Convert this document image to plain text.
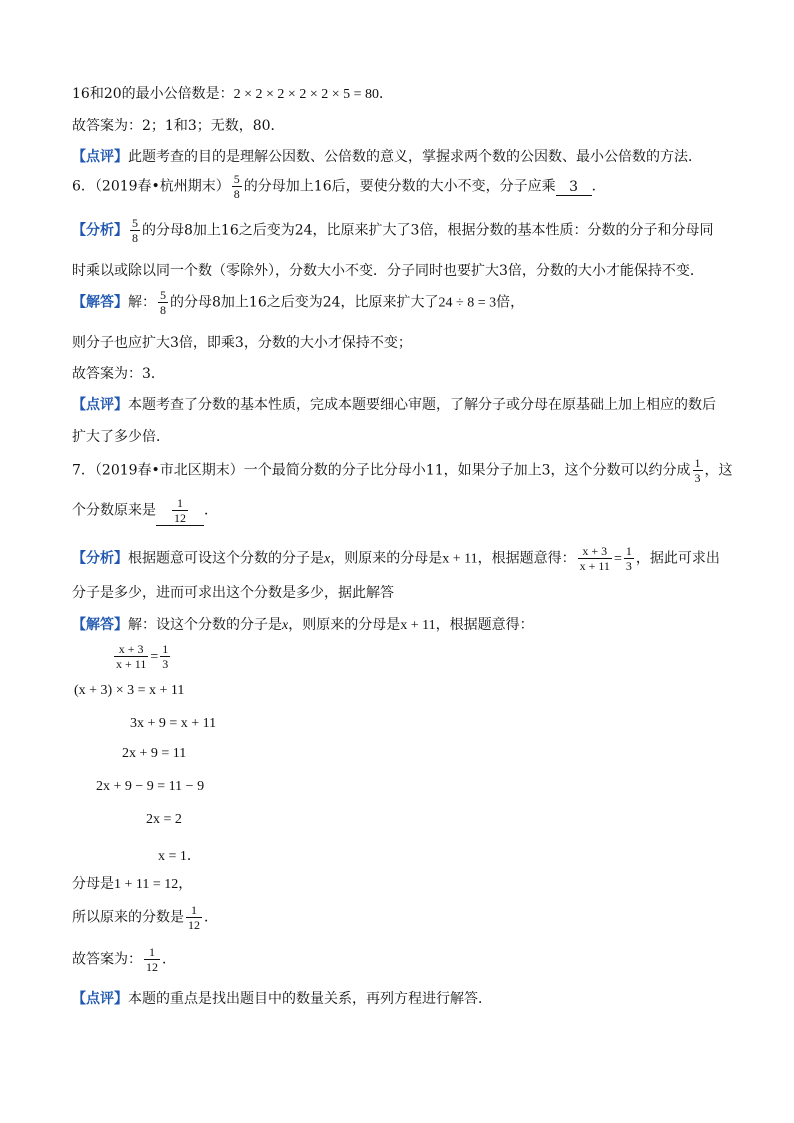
16和20的最小公倍数是：2 × 2 × 2 × 2 × 2 × 5 = 80．
故答案为：2；1和3；无数，80．
【点评】此题考查的目的是理解公因数、公倍数的意义，掌握求两个数的公因数、最小公倍数的方法．
6．（2019春•杭州期末） $\frac{5}{8}$ 的分母加上16后，要使分数的大小不变，分子应乘 3 ．
【分析】 $\frac{5}{8}$ 的分母8加上16之后变为24，比原来扩大了3倍，根据分数的基本性质：分数的分子和分母同
时乘以或除以同一个数（零除外），分数大小不变．分子同时也要扩大3倍，分数的大小才能保持不变．
【解答】解： $\frac{5}{8}$ 的分母8加上16之后变为24，比原来扩大了24 ÷ 8 = 3倍，
则分子也应扩大3倍，即乘3，分数的大小才保持不变；
故答案为：3．
【点评】本题考查了分数的基本性质，完成本题要细心审题，了解分子或分母在原基础上加上相应的数后
扩大了多少倍．
7．（2019春•市北区期末）一个最简分数的分子比分母小11，如果分子加上3，这个分数可以约分成 $\frac{1}{3}$ ，这
个分数原来是 $\frac{1}{12}$ ．
【分析】根据题意可设这个分数的分子是x，则原来的分母是x + 11，根据题意得： $\frac{x + 3}{x + 11} = \frac{1}{3}$ ，据此可求出
分子是多少，进而可求出这个分数是多少，据此解答
【解答】解：设这个分数的分子是x，则原来的分母是x + 11，根据题意得：
$\frac{x + 3}{x + 11} = \frac{1}{3}$
(x + 3) × 3 = x + 11
3x + 9 = x + 11
2x + 9 = 11
2x + 9 − 9 = 11 − 9
2x = 2
x = 1．
分母是1 + 11 = 12，
所以原来的分数是 $\frac{1}{12}$ ．
故答案为： $\frac{1}{12}$ ．
【点评】本题的重点是找出题目中的数量关系，再列方程进行解答．
